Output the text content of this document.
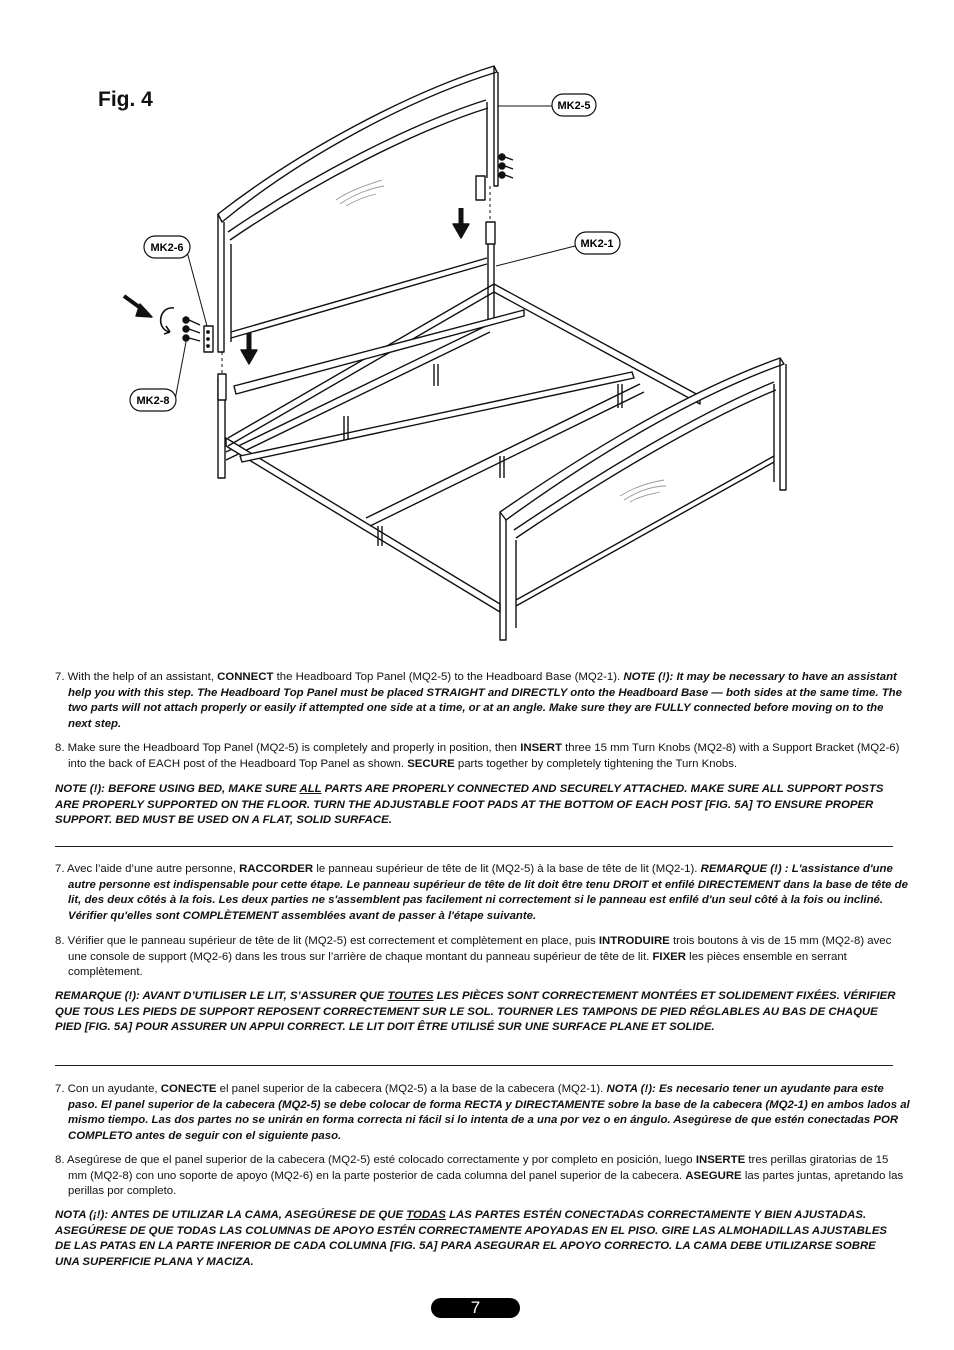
Fig. 4	MK2-5
MK2-1
MK2-6
MK2-8

7. With the help of an assistant, CONNECT the Headboard Top Panel (MQ2-5) to the Headboard Base (MQ2-1). NOTE (!): It may be necessary to have an assistant help you with this step. The Headboard Top Panel must be placed STRAIGHT and DIRECTLY onto the Headboard Base — both sides at the same time. The two parts will not attach properly or easily if attempted one side at a time, or at an angle. Make sure they are FULLY connected before moving on to the next step.

8. Make sure the Headboard Top Panel (MQ2-5) is completely and properly in position, then INSERT three 15 mm Turn Knobs (MQ2-8) with a Support Bracket (MQ2-6) into the back of EACH post of the Headboard Top Panel as shown. SECURE parts together by completely tightening the Turn Knobs.

NOTE (!): BEFORE USING BED, MAKE SURE ALL PARTS ARE PROPERLY CONNECTED AND SECURELY ATTACHED. MAKE SURE ALL SUPPORT POSTS ARE PROPERLY SUPPORTED ON THE FLOOR. TURN THE ADJUSTABLE FOOT PADS AT THE BOTTOM OF EACH POST [FIG. 5A] TO ENSURE PROPER SUPPORT. BED MUST BE USED ON A FLAT, SOLID SURFACE.

7. Avec l’aide d’une autre personne, RACCORDER le panneau supérieur de tête de lit (MQ2-5) à la base de tête de lit (MQ2-1). REMARQUE (!) : L'assistance d'une autre personne est indispensable pour cette étape. Le panneau supérieur de tête de lit doit être tenu DROIT et enfilé DIRECTEMENT dans la base de tête de lit, des deux côtés à la fois. Les deux parties ne s'assemblent pas facilement ni correctement si le panneau est enfilé d'un seul côté à la fois ou incliné. Vérifier qu'elles sont COMPLÈTEMENT assemblées avant de passer à l'étape suivante.

8. Vérifier que le panneau supérieur de tête de lit (MQ2-5) est correctement et complètement en place, puis INTRODUIRE trois boutons à vis de 15 mm (MQ2-8) avec une console de support (MQ2-6) dans les trous sur l’arrière de chaque montant du panneau supérieur de tête de lit. FIXER les pièces ensemble en serrant complètement.

REMARQUE (!): AVANT D’UTILISER LE LIT, S’ASSURER QUE TOUTES LES PIÈCES SONT CORRECTEMENT MONTÉES ET SOLIDEMENT FIXÉES. VÉRIFIER QUE TOUS LES PIEDS DE SUPPORT REPOSENT CORRECTEMENT SUR LE SOL. TOURNER LES TAMPONS DE PIED RÉGLABLES AU BAS DE CHAQUE PIED [FIG. 5A] POUR ASSURER UN APPUI CORRECT. LE LIT DOIT ÊTRE UTILISÉ SUR UNE SURFACE PLANE ET SOLIDE.

7. Con un ayudante, CONECTE el panel superior de la cabecera (MQ2-5) a la base de la cabecera (MQ2-1). NOTA (!): Es necesario tener un ayudante para este paso. El panel superior de la cabecera (MQ2-5) se debe colocar de forma RECTA y DIRECTAMENTE sobre la base de la cabecera (MQ2-1) en ambos lados al mismo tiempo. Las dos partes no se unirán en forma correcta ni fácil si lo intenta de a una por vez o en ángulo. Asegúrese de que estén conectadas POR COMPLETO antes de seguir con el siguiente paso.

8. Asegúrese de que el panel superior de la cabecera (MQ2-5) esté colocado correctamente y por completo en posición, luego INSERTE tres perillas giratorias de 15 mm (MQ2-8) con uno soporte de apoyo (MQ2-6) en la parte posterior de cada columna del panel superior de la cabecera. ASEGURE las partes juntas, apretando las perillas por completo.

NOTA (¡!): ANTES DE UTILIZAR LA CAMA, ASEGÚRESE DE QUE TODAS LAS PARTES ESTÉN CONECTADAS CORRECTAMENTE Y BIEN AJUSTADAS. ASEGÚRESE DE QUE TODAS LAS COLUMNAS DE APOYO ESTÉN CORRECTAMENTE APOYADAS EN EL PISO. GIRE LAS ALMOHADILLAS AJUSTABLES DE LAS PATAS EN LA PARTE INFERIOR DE CADA COLUMNA [FIG. 5A] PARA ASEGURAR EL APOYO CORRECTO. LA CAMA DEBE UTILIZARSE SOBRE UNA SUPERFICIE PLANA Y MACIZA.

7
